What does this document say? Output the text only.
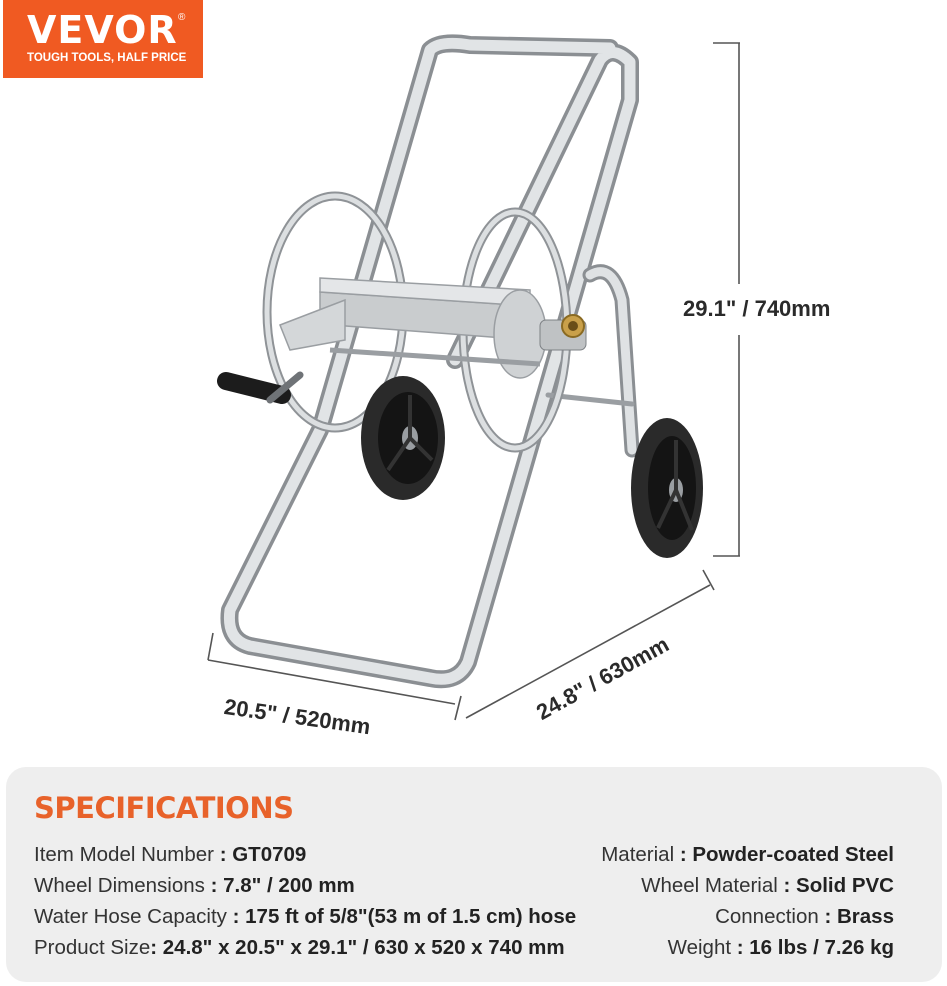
VEVOR ®
TOUGH TOOLS, HALF PRICE
29.1" / 740mm
20.5" / 520mm	24.8" / 630mm
SPECIFICATIONS
Item Model Number : GT0709
Wheel Dimensions : 7.8" / 200 mm
Water Hose Capacity : 175 ft of 5/8"(53 m of 1.5 cm) hose
Product Size: 24.8" x 20.5" x 29.1" / 630 x 520 x 740 mm
Material : Powder-coated Steel
Wheel Material : Solid PVC
Connection : Brass
Weight : 16 lbs / 7.26 kg
